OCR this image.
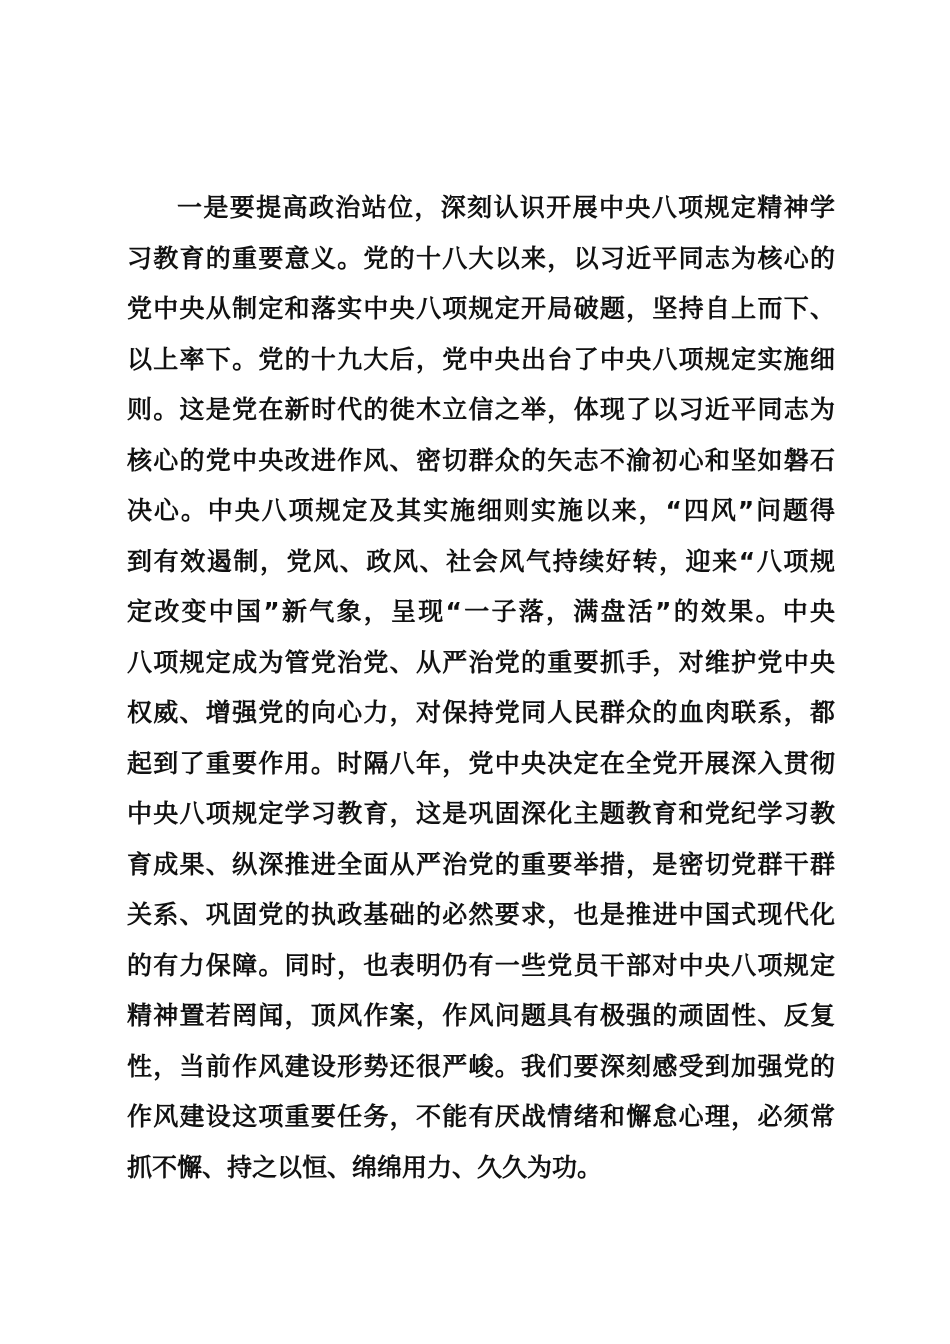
一是要提高政治站位，深刻认识开展中央八项规定精神学
习教育的重要意义。党的十八大以来，以习近平同志为核心的
党中央从制定和落实中央八项规定开局破题，坚持自上而下、
以上率下。党的十九大后，党中央出台了中央八项规定实施细
则。这是党在新时代的徙木立信之举，体现了以习近平同志为
核心的党中央改进作风、密切群众的矢志不渝初心和坚如磐石
决心。中央八项规定及其实施细则实施以来，“四风”问题得
到有效遏制，党风、政风、社会风气持续好转，迎来“八项规
定改变中国”新气象，呈现“一子落，满盘活”的效果。中央
八项规定成为管党治党、从严治党的重要抓手，对维护党中央
权威、增强党的向心力，对保持党同人民群众的血肉联系，都
起到了重要作用。时隔八年，党中央决定在全党开展深入贯彻
中央八项规定学习教育，这是巩固深化主题教育和党纪学习教
育成果、纵深推进全面从严治党的重要举措，是密切党群干群
关系、巩固党的执政基础的必然要求，也是推进中国式现代化
的有力保障。同时，也表明仍有一些党员干部对中央八项规定
精神置若罔闻，顶风作案，作风问题具有极强的顽固性、反复
性，当前作风建设形势还很严峻。我们要深刻感受到加强党的
作风建设这项重要任务，不能有厌战情绪和懈怠心理，必须常
抓不懈、持之以恒、绵绵用力、久久为功。
